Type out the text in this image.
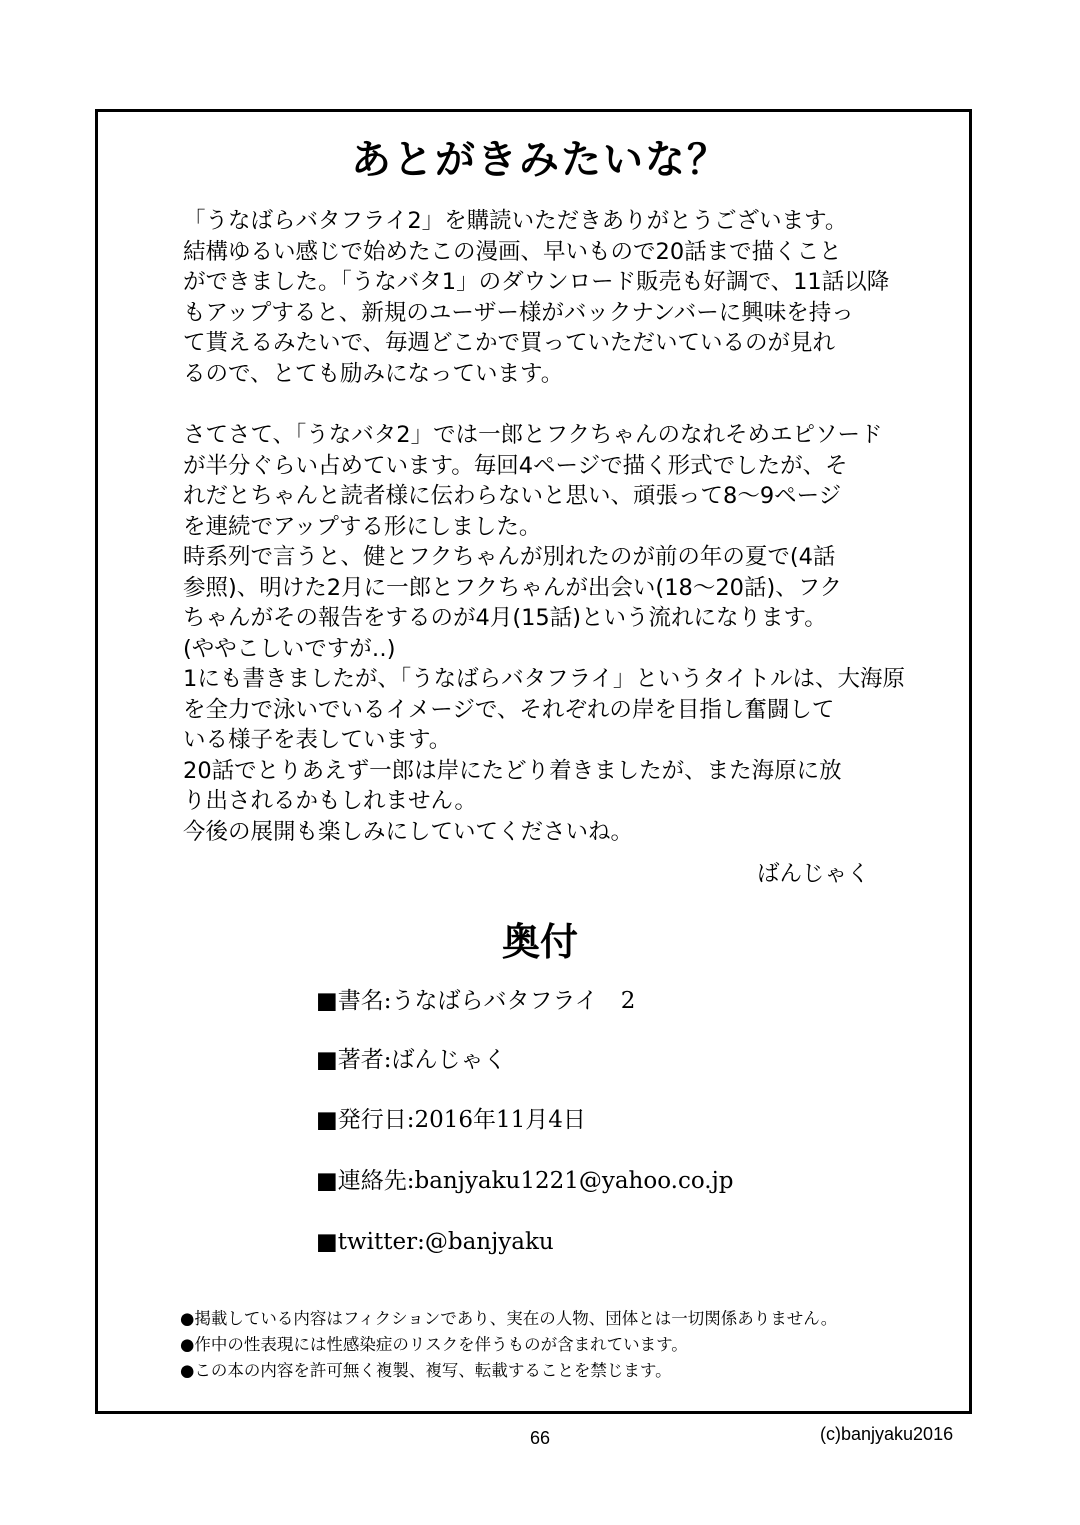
あとがきみたいな？
「うなばらバタフライ2」を購読いただきありがとうございます。
結構ゆるい感じで始めたこの漫画、早いもので20話まで描くこと
ができました。「うなバタ1」のダウンロード販売も好調で、11話以降
もアップすると、新規のユーザー様がバックナンバーに興味を持っ
て貰えるみたいで、毎週どこかで買っていただいているのが見れ
るので、とても励みになっています。
さてさて、「うなバタ2」では一郎とフクちゃんのなれそめエピソード
が半分ぐらい占めています。毎回4ページで描く形式でしたが、そ
れだとちゃんと読者様に伝わらないと思い、頑張って8〜9ページ
を連続でアップする形にしました。
時系列で言うと、健とフクちゃんが別れたのが前の年の夏で(4話
参照)、明けた2月に一郎とフクちゃんが出会い(18〜20話)、フク
ちゃんがその報告をするのが4月(15話)という流れになります。
(ややこしいですが‥)
1にも書きましたが、「うなばらバタフライ」というタイトルは、大海原
を全力で泳いでいるイメージで、それぞれの岸を目指し奮闘して
いる様子を表しています。
20話でとりあえず一郎は岸にたどり着きましたが、また海原に放
り出されるかもしれません。
今後の展開も楽しみにしていてくださいね。
ばんじゃく
奥付
■書名:うなばらバタフライ　2
■著者:ばんじゃく
■発行日:2016年11月4日
■連絡先:banjyaku1221@yahoo.co.jp
■twitter:@banjyaku
●掲載している内容はフィクションであり、実在の人物、団体とは一切関係ありません。
●作中の性表現には性感染症のリスクを伴うものが含まれています。
●この本の内容を許可無く複製、複写、転載することを禁じます。
66	(c)banjyaku2016
